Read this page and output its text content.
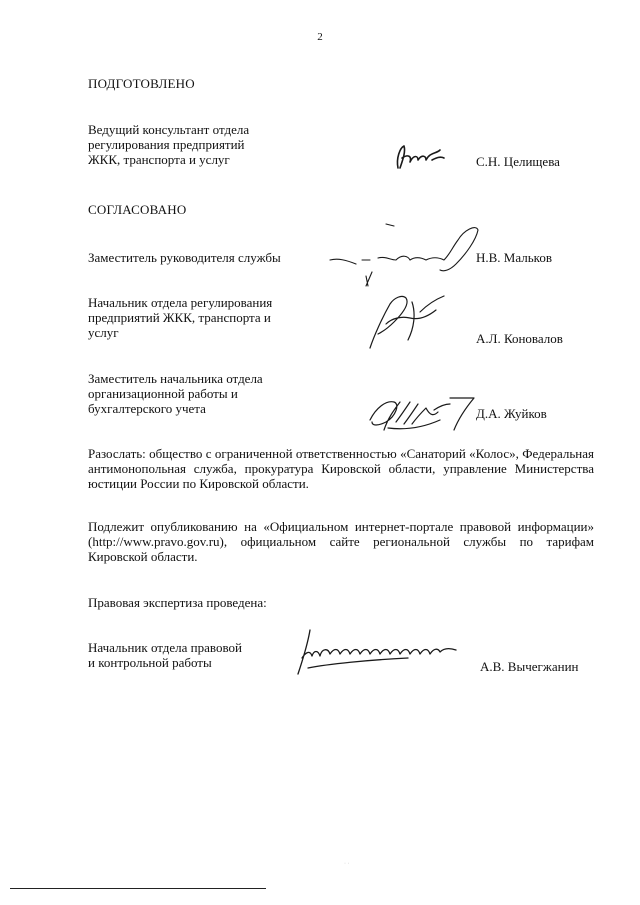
2

ПОДГОТОВЛЕНО

Ведущий консультант отдела
регулирования предприятий
ЖКК, транспорта и услуг	С.Н. Целищева

СОГЛАСОВАНО

Заместитель руководителя службы	Н.В. Мальков

Начальник отдела регулирования
предприятий ЖКК, транспорта и
услуг	А.Л. Коновалов

Заместитель начальника отдела
организационной работы и
бухгалтерского учета	Д.А. Жуйков

Разослать: общество с ограниченной ответственностью «Санаторий «Колос», Федеральная антимонопольная служба, прокуратура Кировской области, управление Министерства юстиции России по Кировской области.

Подлежит опубликованию на «Официальном интернет-портале правовой информации» (http://www.pravo.gov.ru), официальном сайте региональной службы по тарифам Кировской области.

Правовая экспертиза проведена:

Начальник отдела правовой
и контрольной работы	А.В. Вычегжанин

· ·
